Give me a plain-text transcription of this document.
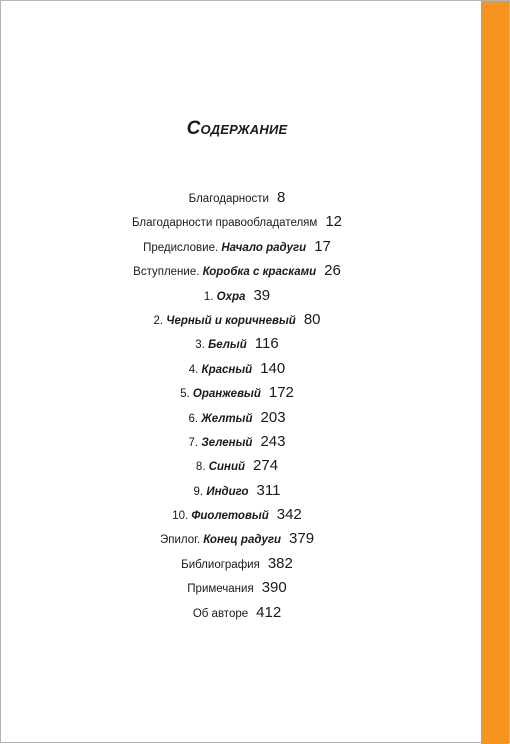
Содержание
Благодарности 8
Благодарности правообладателям 12
Предисловие. Начало радуги 17
Вступление. Коробка с красками 26
1. Охра 39
2. Черный и коричневый 80
3. Белый 116
4. Красный 140
5. Оранжевый 172
6. Желтый 203
7. Зеленый 243
8. Синий 274
9. Индиго 311
10. Фиолетовый 342
Эпилог. Конец радуги 379
Библиография 382
Примечания 390
Об авторе 412
